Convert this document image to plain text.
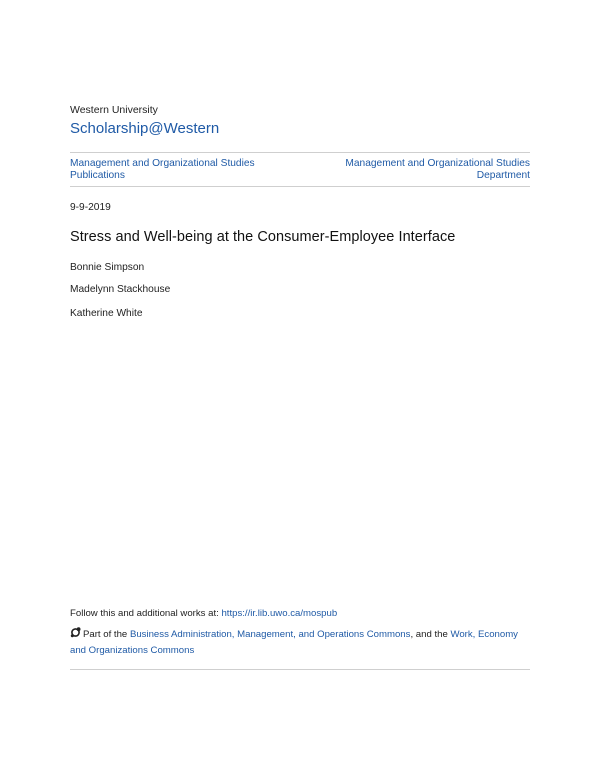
Western University
Scholarship@Western
Management and Organizational Studies
Publications
Management and Organizational Studies
Department
9-9-2019
Stress and Well-being at the Consumer-Employee Interface
Bonnie Simpson
Madelynn Stackhouse
Katherine White
Follow this and additional works at: https://ir.lib.uwo.ca/mospub
Part of the Business Administration, Management, and Operations Commons, and the Work, Economy and Organizations Commons
